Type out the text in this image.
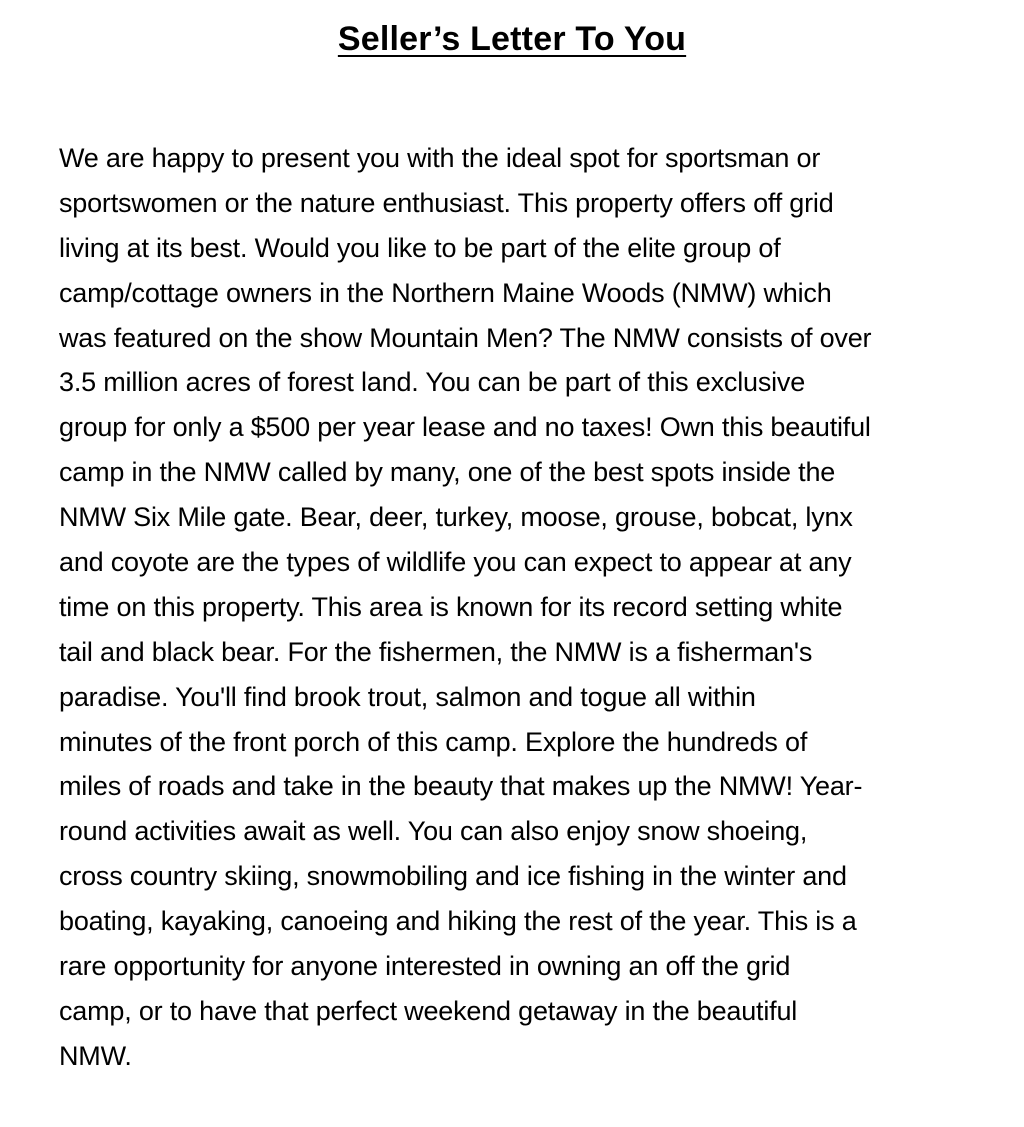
Seller’s Letter To You
We are happy to present you with the ideal spot for sportsman or
sportswomen or the nature enthusiast. This property offers off grid
living at its best. Would you like to be part of the elite group of
camp/cottage owners in the Northern Maine Woods (NMW) which
was featured on the show Mountain Men? The NMW consists of over
3.5 million acres of forest land. You can be part of this exclusive
group for only a $500 per year lease and no taxes! Own this beautiful
camp in the NMW called by many, one of the best spots inside the
NMW Six Mile gate. Bear, deer, turkey, moose, grouse, bobcat, lynx
and coyote are the types of wildlife you can expect to appear at any
time on this property. This area is known for its record setting white
tail and black bear. For the fishermen, the NMW is a fisherman's
paradise. You'll find brook trout, salmon and togue all within
minutes of the front porch of this camp. Explore the hundreds of
miles of roads and take in the beauty that makes up the NMW! Year-
round activities await as well. You can also enjoy snow shoeing,
cross country skiing, snowmobiling and ice fishing in the winter and
boating, kayaking, canoeing and hiking the rest of the year. This is a
rare opportunity for anyone interested in owning an off the grid
camp, or to have that perfect weekend getaway in the beautiful
NMW.
